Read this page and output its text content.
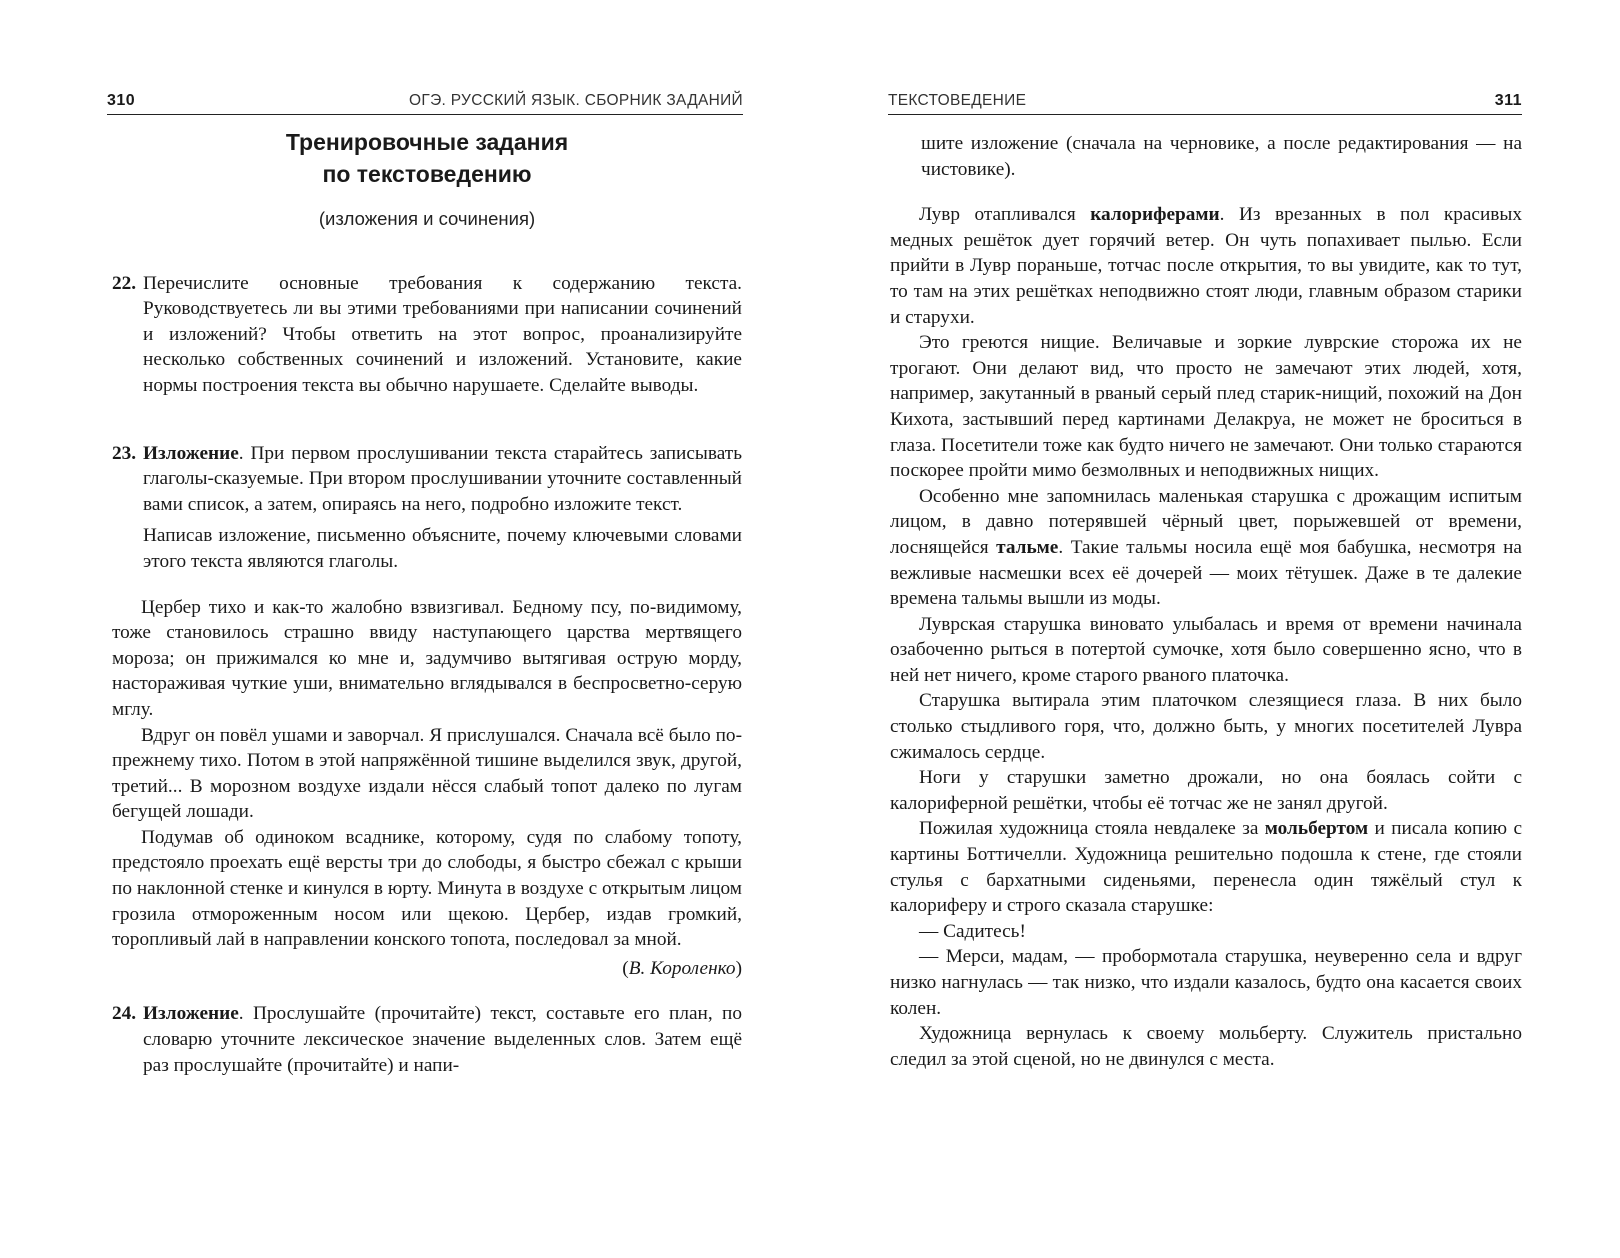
310	ОГЭ. РУССКИЙ ЯЗЫК. СБОРНИК ЗАДАНИЙ
Тренировочные задания
по текстоведению
(изложения и сочинения)
22. Перечислите основные требования к содержанию текста. Руководствуетесь ли вы этими требованиями при написании сочинений и изложений? Чтобы ответить на этот вопрос, проанализируйте несколько собственных сочинений и изложений. Установите, какие нормы построения текста вы обычно нарушаете. Сделайте выводы.

23. Изложение. При первом прослушивании текста старайтесь записывать глаголы-сказуемые. При втором прослушивании уточните составленный вами список, а затем, опираясь на него, подробно изложите текст.

Написав изложение, письменно объясните, почему ключевыми словами этого текста являются глаголы.

Цербер тихо и как-то жалобно взвизгивал. Бедному псу, по-видимому, тоже становилось страшно ввиду наступающего царства мертвящего мороза; он прижимался ко мне и, задумчиво вытягивая острую морду, настораживая чуткие уши, внимательно вглядывался в беспросветно-серую мглу.

Вдруг он повёл ушами и заворчал. Я прислушался. Сначала всё было по-прежнему тихо. Потом в этой напряжённой тишине выделился звук, другой, третий... В морозном воздухе издали нёсся слабый топот далеко по лугам бегущей лошади.

Подумав об одиноком всаднике, которому, судя по слабому топоту, предстояло проехать ещё версты три до слободы, я быстро сбежал с крыши по наклонной стенке и кинулся в юрту. Минута в воздухе с открытым лицом грозила отмороженным носом или щекою. Цербер, издав громкий, торопливый лай в направлении конского топота, последовал за мной.

(В. Короленко)

24. Изложение. Прослушайте (прочитайте) текст, составьте его план, по словарю уточните лексическое значение выделенных слов. Затем ещё раз прослушайте (прочитайте) и напи-

ТЕКСТОВЕДЕНИЕ	311

шите изложение (сначала на черновике, а после редактирования — на чистовике).

Лувр отапливался калориферами. Из врезанных в пол красивых медных решёток дует горячий ветер. Он чуть попахивает пылью. Если прийти в Лувр пораньше, тотчас после открытия, то вы увидите, как то тут, то там на этих решётках неподвижно стоят люди, главным образом старики и старухи.

Это греются нищие. Величавые и зоркие луврские сторожа их не трогают. Они делают вид, что просто не замечают этих людей, хотя, например, закутанный в рваный серый плед старик-нищий, похожий на Дон Кихота, застывший перед картинами Делакруа, не может не броситься в глаза. Посетители тоже как будто ничего не замечают. Они только стараются поскорее пройти мимо безмолвных и неподвижных нищих.

Особенно мне запомнилась маленькая старушка с дрожащим испитым лицом, в давно потерявшей чёрный цвет, порыжевшей от времени, лоснящейся тальме. Такие тальмы носила ещё моя бабушка, несмотря на вежливые насмешки всех её дочерей — моих тётушек. Даже в те далекие времена тальмы вышли из моды.

Луврская старушка виновато улыбалась и время от времени начинала озабоченно рыться в потертой сумочке, хотя было совершенно ясно, что в ней нет ничего, кроме старого рваного платочка.

Старушка вытирала этим платочком слезящиеся глаза. В них было столько стыдливого горя, что, должно быть, у многих посетителей Лувра сжималось сердце.

Ноги у старушки заметно дрожали, но она боялась сойти с калориферной решётки, чтобы её тотчас же не занял другой.

Пожилая художница стояла невдалеке за мольбертом и писала копию с картины Боттичелли. Художница решительно подошла к стене, где стояли стулья с бархатными сиденьями, перенесла один тяжёлый стул к калориферу и строго сказала старушке:

— Садитесь!

— Мерси, мадам, — пробормотала старушка, неуверенно села и вдруг низко нагнулась — так низко, что издали казалось, будто она касается своих колен.

Художница вернулась к своему мольберту. Служитель пристально следил за этой сценой, но не двинулся с места.
